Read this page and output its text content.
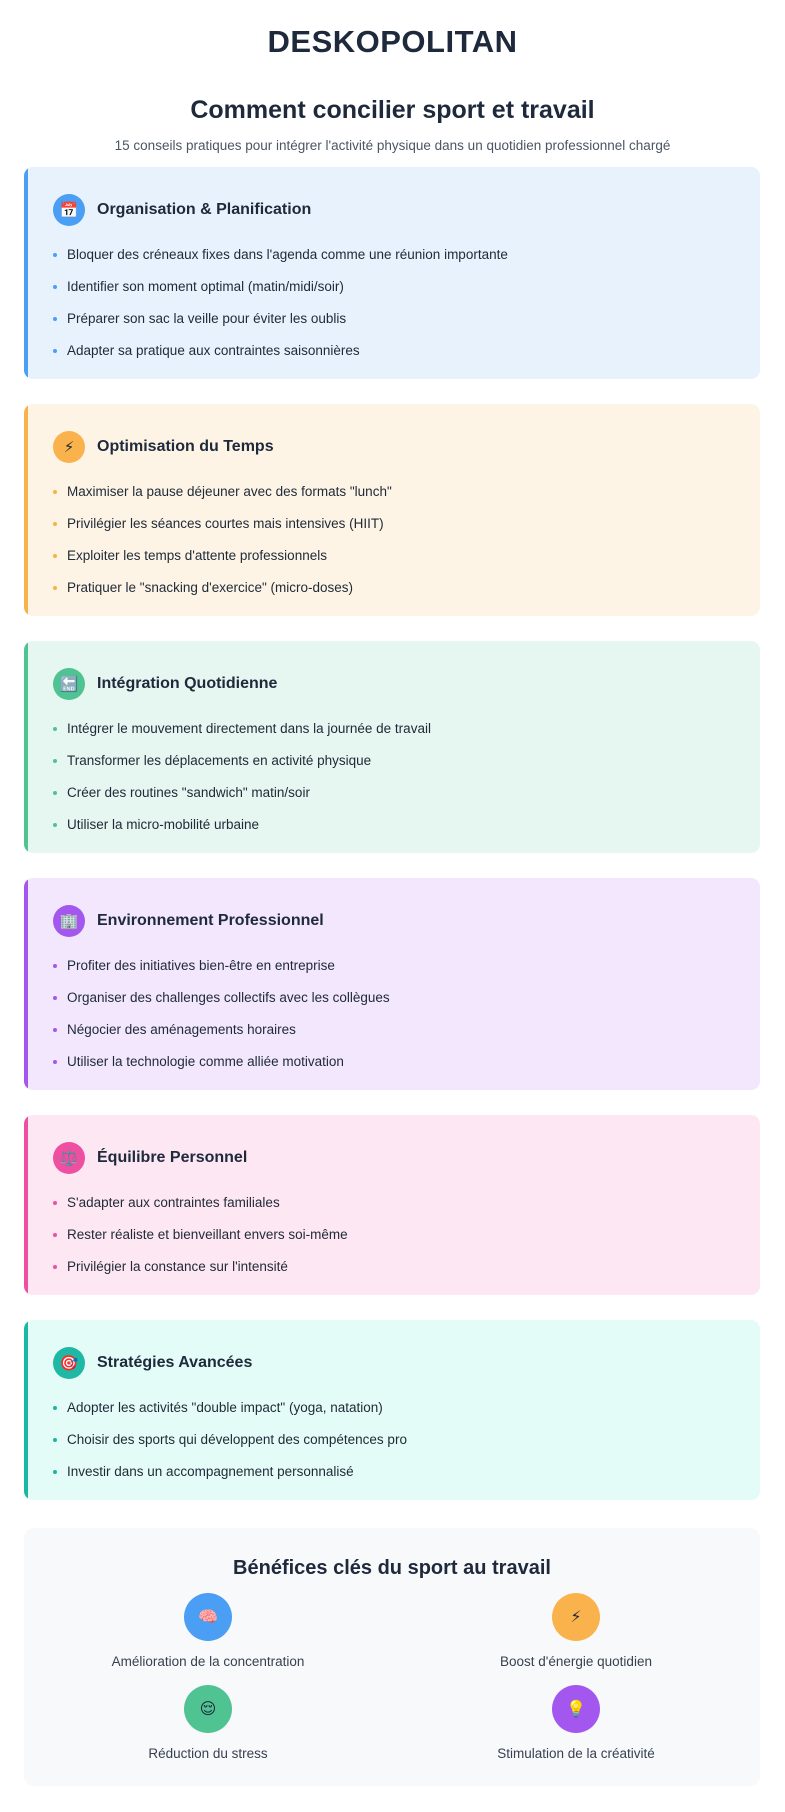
DESKOPOLITAN
Comment concilier sport et travail
15 conseils pratiques pour intégrer l'activité physique dans un quotidien professionnel chargé
📅	Organisation & Planification
Bloquer des créneaux fixes dans l'agenda comme une réunion importante
Identifier son moment optimal (matin/midi/soir)
Préparer son sac la veille pour éviter les oublis
Adapter sa pratique aux contraintes saisonnières
⚡	Optimisation du Temps
Maximiser la pause déjeuner avec des formats "lunch"
Privilégier les séances courtes mais intensives (HIIT)
Exploiter les temps d'attente professionnels
Pratiquer le "snacking d'exercice" (micro-doses)
🔚	Intégration Quotidienne
Intégrer le mouvement directement dans la journée de travail
Transformer les déplacements en activité physique
Créer des routines "sandwich" matin/soir
Utiliser la micro-mobilité urbaine
🏢	Environnement Professionnel
Profiter des initiatives bien-être en entreprise
Organiser des challenges collectifs avec les collègues
Négocier des aménagements horaires
Utiliser la technologie comme alliée motivation
⚖️	Équilibre Personnel
S'adapter aux contraintes familiales
Rester réaliste et bienveillant envers soi-même
Privilégier la constance sur l'intensité
🎯	Stratégies Avancées
Adopter les activités "double impact" (yoga, natation)
Choisir des sports qui développent des compétences pro
Investir dans un accompagnement personnalisé
Bénéfices clés du sport au travail
🧠
Amélioration de la concentration
⚡
Boost d'énergie quotidien
😌
Réduction du stress
💡
Stimulation de la créativité
